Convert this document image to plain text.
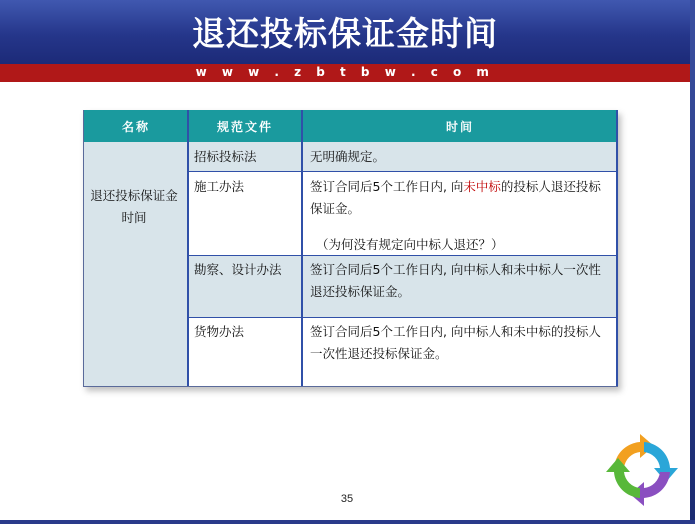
退还投标保证金时间
w w w . z b t b w . c o m
名称	规范文件	时间
退还投标保证金时间
招标投标法	无明确规定。
施工办法	签订合同后5个工作日内, 向未中标的投标人退还投标保证金。
（为何没有规定向中标人退还？）
勘察、设计办法	签订合同后5个工作日内, 向中标人和未中标人一次性退还投标保证金。
货物办法	签订合同后5个工作日内, 向中标人和未中标的投标人一次性退还投标保证金。
35
